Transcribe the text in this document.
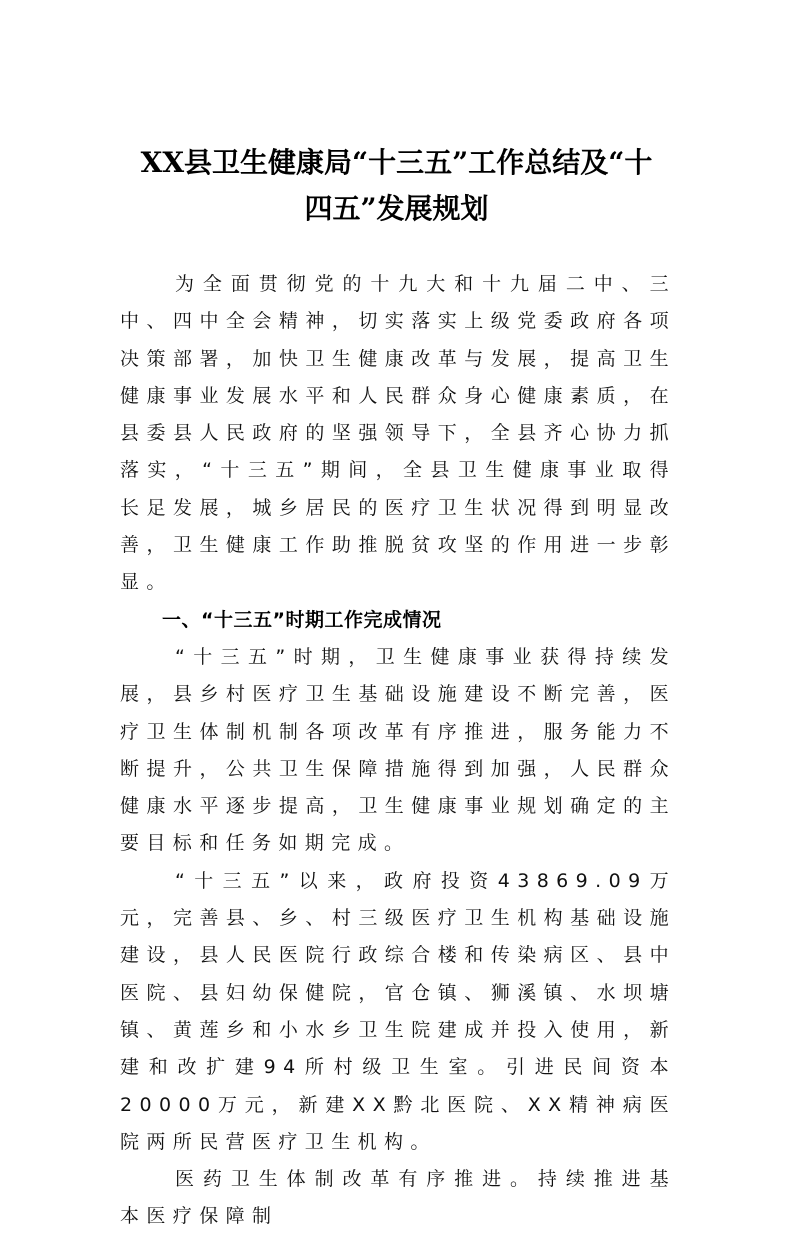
XX县卫生健康局“十三五”工作总结及“十
四五”发展规划

为全面贯彻党的十九大和十九届二中、三中、四中全会精神，切实落实上级党委政府各项决策部署，加快卫生健康改革与发展，提高卫生健康事业发展水平和人民群众身心健康素质，在县委县人民政府的坚强领导下，全县齐心协力抓落实，“十三五”期间，全县卫生健康事业取得长足发展，城乡居民的医疗卫生状况得到明显改善，卫生健康工作助推脱贫攻坚的作用进一步彰显。

一、“十三五”时期工作完成情况

“十三五”时期，卫生健康事业获得持续发展，县乡村医疗卫生基础设施建设不断完善，医疗卫生体制机制各项改革有序推进，服务能力不断提升，公共卫生保障措施得到加强，人民群众健康水平逐步提高，卫生健康事业规划确定的主要目标和任务如期完成。

“十三五”以来，政府投资43869.09万元，完善县、乡、村三级医疗卫生机构基础设施建设，县人民医院行政综合楼和传染病区、县中医院、县妇幼保健院，官仓镇、狮溪镇、水坝塘镇、黄莲乡和小水乡卫生院建成并投入使用，新建和改扩建94所村级卫生室。引进民间资本20000万元，新建XX黔北医院、XX精神病医院两所民营医疗卫生机构。

医药卫生体制改革有序推进。持续推进基本医疗保障制
